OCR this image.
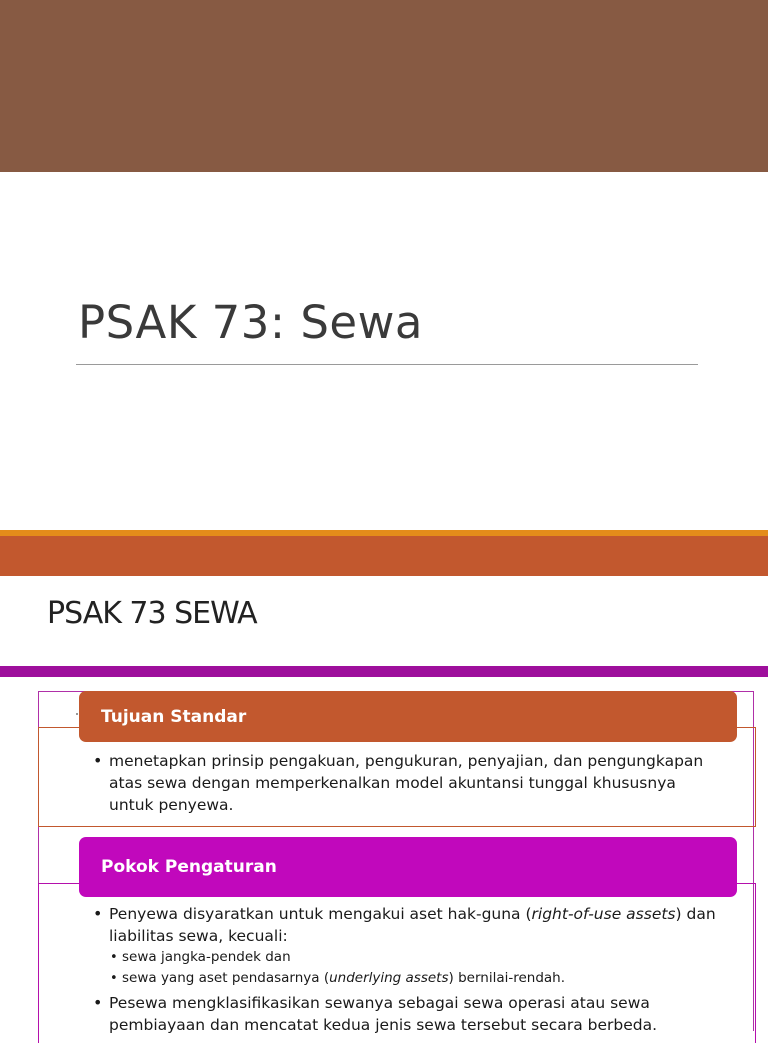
PSAK 73: Sewa
PSAK 73 SEWA
Tujuan Standar
• menetapkan prinsip pengakuan, pengukuran, penyajian, dan pengungkapan atas sewa dengan memperkenalkan model akuntansi tunggal khususnya untuk penyewa.
Pokok Pengaturan
• Penyewa disyaratkan untuk mengakui aset hak-guna (right-of-use assets) dan liabilitas sewa, kecuali:
• sewa jangka-pendek dan
• sewa yang aset pendasarnya (underlying assets) bernilai-rendah.
• Pesewa mengklasifikasikan sewanya sebagai sewa operasi atau sewa pembiayaan dan mencatat kedua jenis sewa tersebut secara berbeda.
